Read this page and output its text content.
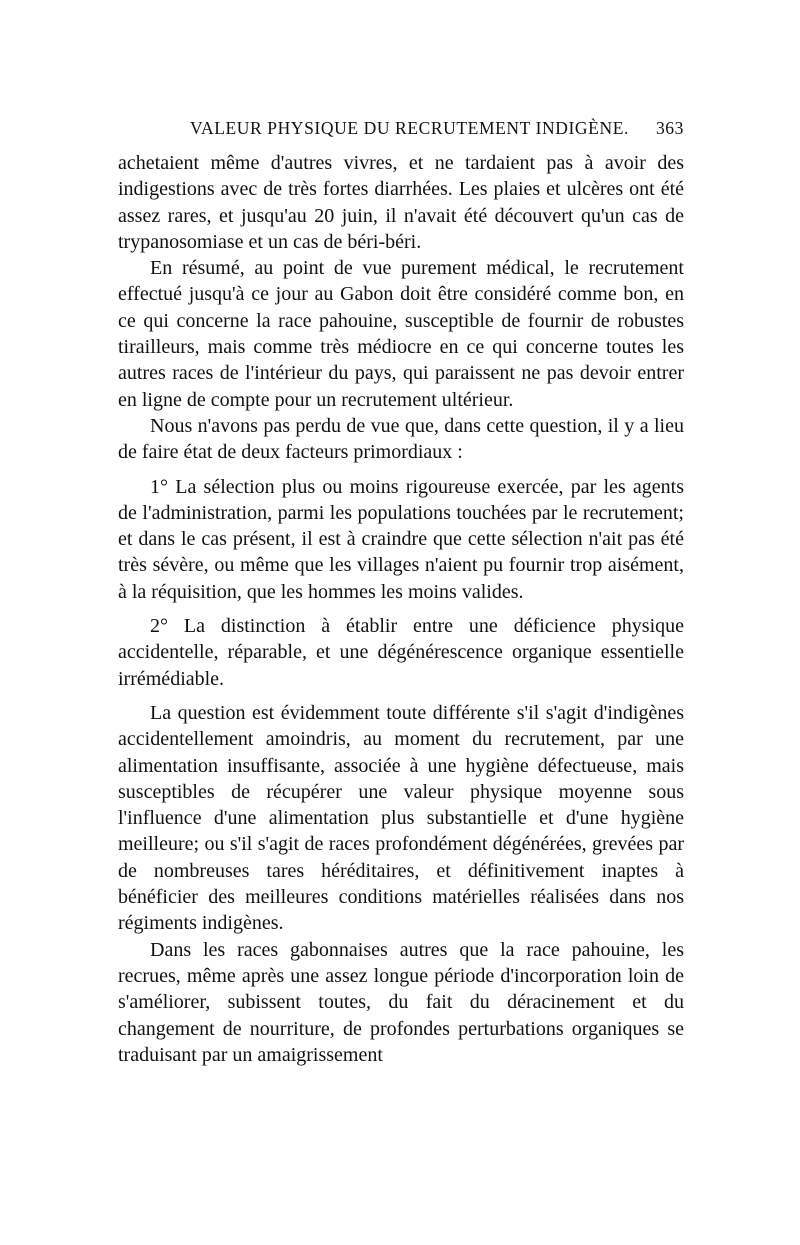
VALEUR PHYSIQUE DU RECRUTEMENT INDIGÈNE. 363

achetaient même d'autres vivres, et ne tardaient pas à avoir des indigestions avec de très fortes diarrhées. Les plaies et ulcères ont été assez rares, et jusqu'au 20 juin, il n'avait été découvert qu'un cas de trypanosomiase et un cas de béri-béri.

En résumé, au point de vue purement médical, le recrutement effectué jusqu'à ce jour au Gabon doit être considéré comme bon, en ce qui concerne la race pahouine, susceptible de fournir de robustes tirailleurs, mais comme très médiocre en ce qui concerne toutes les autres races de l'intérieur du pays, qui paraissent ne pas devoir entrer en ligne de compte pour un recrutement ultérieur.

Nous n'avons pas perdu de vue que, dans cette question, il y a lieu de faire état de deux facteurs primordiaux :

1° La sélection plus ou moins rigoureuse exercée, par les agents de l'administration, parmi les populations touchées par le recrutement; et dans le cas présent, il est à craindre que cette sélection n'ait pas été très sévère, ou même que les villages n'aient pu fournir trop aisément, à la réquisition, que les hommes les moins valides.

2° La distinction à établir entre une déficience physique accidentelle, réparable, et une dégénérescence organique essentielle irrémédiable.

La question est évidemment toute différente s'il s'agit d'indigènes accidentellement amoindris, au moment du recrutement, par une alimentation insuffisante, associée à une hygiène défectueuse, mais susceptibles de récupérer une valeur physique moyenne sous l'influence d'une alimentation plus substantielle et d'une hygiène meilleure; ou s'il s'agit de races profondément dégénérées, grevées par de nombreuses tares héréditaires, et définitivement inaptes à bénéficier des meilleures conditions matérielles réalisées dans nos régiments indigènes.

Dans les races gabonnaises autres que la race pahouine, les recrues, même après une assez longue période d'incorporation loin de s'améliorer, subissent toutes, du fait du déracinement et du changement de nourriture, de profondes perturbations organiques se traduisant par un amaigrissement
